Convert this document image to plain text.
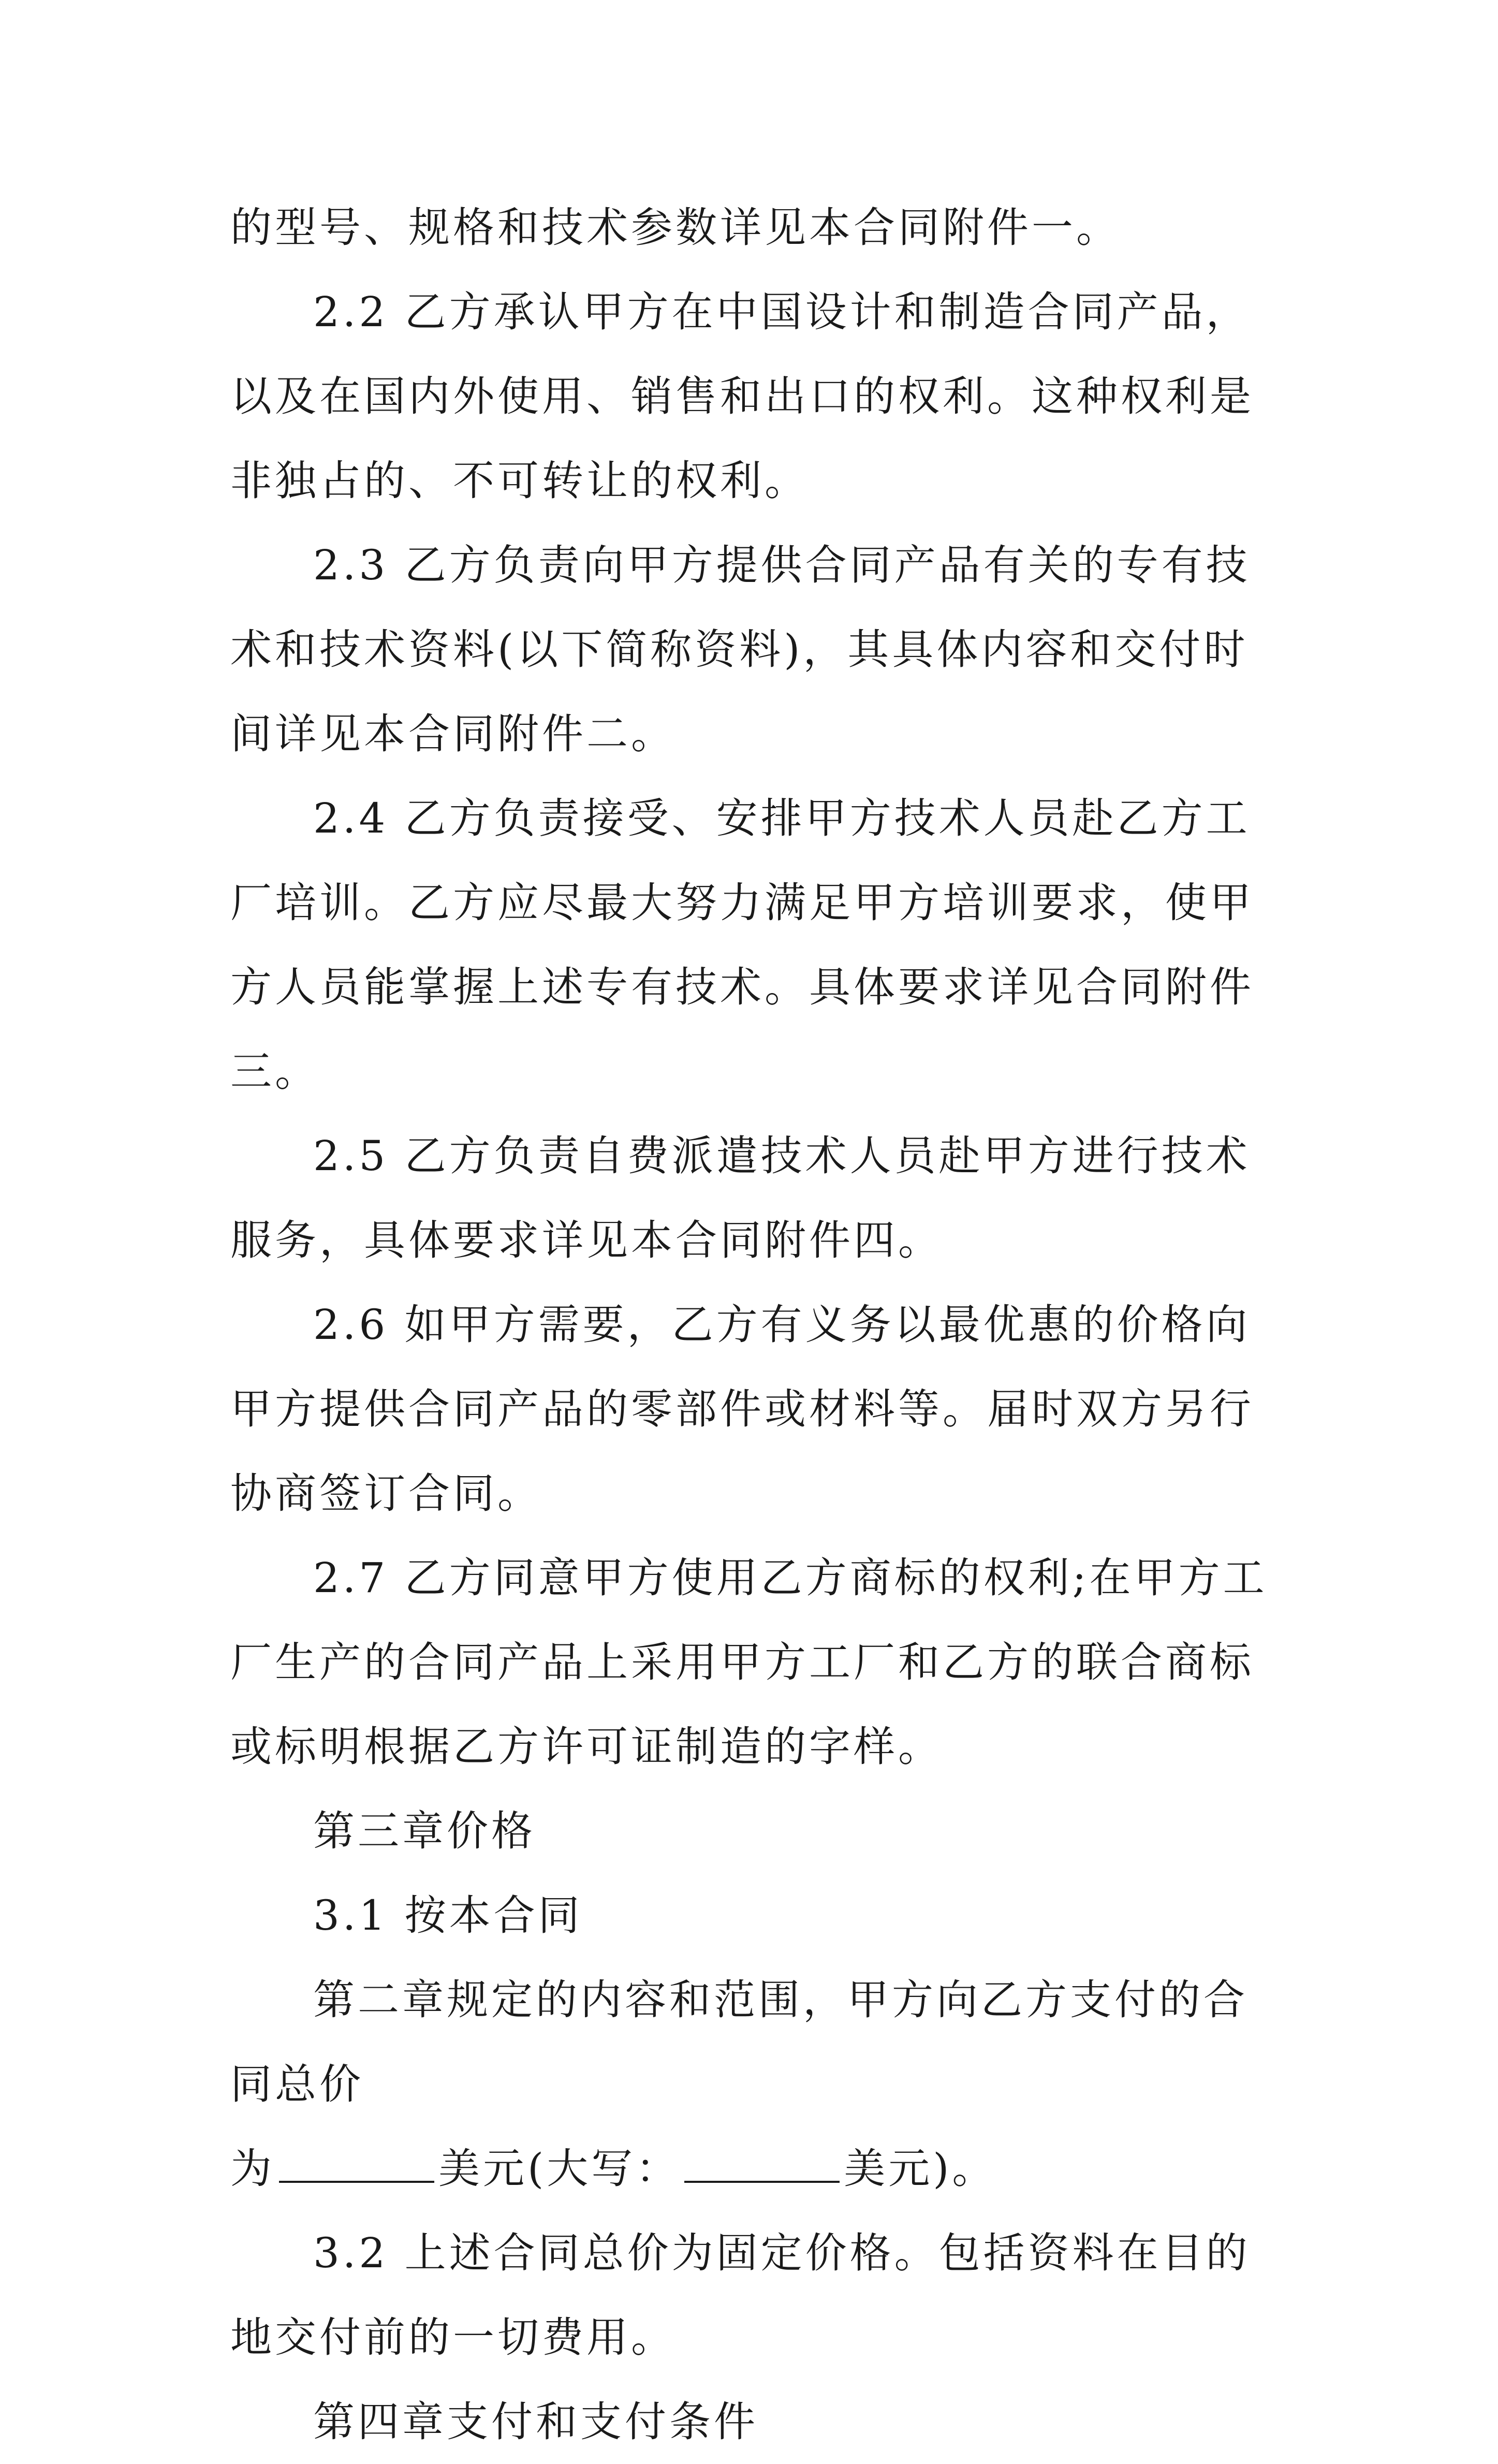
的型号、规格和技术参数详见本合同附件一。

2.2 乙方承认甲方在中国设计和制造合同产品，以及在国内外使用、销售和出口的权利。这种权利是非独占的、不可转让的权利。

2.3 乙方负责向甲方提供合同产品有关的专有技术和技术资料(以下简称资料)，其具体内容和交付时间详见本合同附件二。

2.4 乙方负责接受、安排甲方技术人员赴乙方工厂培训。乙方应尽最大努力满足甲方培训要求，使甲方人员能掌握上述专有技术。具体要求详见合同附件三。

2.5 乙方负责自费派遣技术人员赴甲方进行技术服务，具体要求详见本合同附件四。

2.6 如甲方需要，乙方有义务以最优惠的价格向甲方提供合同产品的零部件或材料等。届时双方另行协商签订合同。

2.7 乙方同意甲方使用乙方商标的权利;在甲方工厂生产的合同产品上采用甲方工厂和乙方的联合商标或标明根据乙方许可证制造的字样。

第三章价格

3.1 按本合同

第二章规定的内容和范围，甲方向乙方支付的合同总价

为	美元(大写：	美元)。

3.2 上述合同总价为固定价格。包括资料在目的地交付前的一切费用。

第四章支付和支付条件
